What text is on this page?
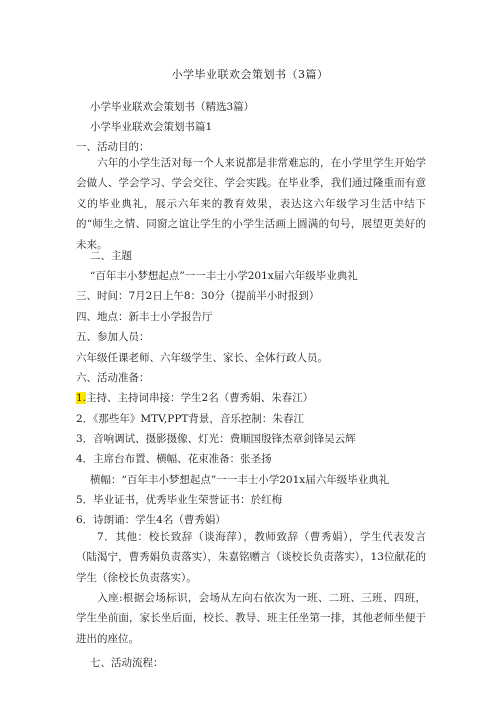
小学毕业联欢会策划书（3篇）
小学毕业联欢会策划书（精选3篇）
小学毕业联欢会策划书篇1
一、活动目的：
六年的小学生活对每一个人来说都是非常难忘的，在小学里学生开始学会做人、学会学习、学会交往、学会实践。在毕业季，我们通过隆重而有意义的毕业典礼，展示六年来的教育效果，表达这六年级学习生活中结下的“师生之情、同窗之谊让学生的小学生活画上圆满的句号，展望更美好的未来。
二、主题
“百年丰小梦想起点”一一丰士小学201x届六年级毕业典礼
三、时间：7月2日上午8：30分（提前半小时报到）
四、地点：新丰士小学报告厅
五、参加人员：
六年级任课老师、六年级学生、家长、全体行政人员。
六、活动准备：
1.主持、主持词串接：学生2名（曹秀娟、朱春江）
2．《那些年》MTV,PPT背景，音乐控制：朱春江
3．音响调试、摄影摄像、灯光：费顺国殷锋杰章剑锋吴云辉
4．主席台布置、横幅、花束准备：张圣扬
横幅：“百年丰小梦想起点”一一丰士小学201x届六年级毕业典礼
5．毕业证书，优秀毕业生荣誉证书：於红梅
6．诗朗诵：学生4名（曹秀娟）
7．其他：校长致辞（谈海萍），教师致辞（曹秀娟），学生代表发言（陆渴宁，曹秀娟负责落实），朱嘉铭赠言（谈校长负责落实），13位献花的学生（徐校长负责落实）。
入座:根据会场标识，会场从左向右依次为一班、二班、三班、四班，学生坐前面，家长坐后面，校长、教导、班主任坐第一排，其他老师坐便于进出的座位。
七、活动流程：
